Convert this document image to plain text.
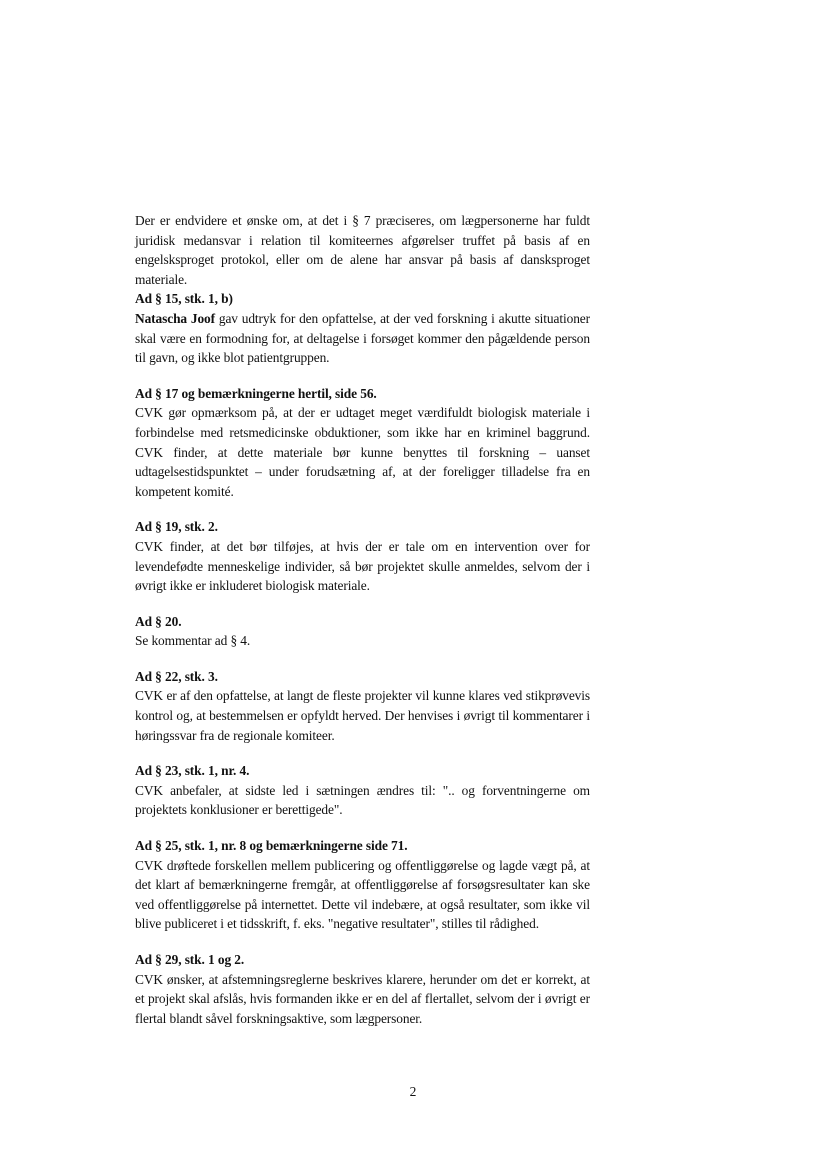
Der er endvidere et ønske om, at det i § 7 præciseres, om lægpersonerne har fuldt juridisk medansvar i relation til komiteernes afgørelser truffet på basis af en engelsksproget protokol, eller om de alene har ansvar på basis af dansksproget materiale.

Ad § 15, stk. 1, b)

Natascha Joof gav udtryk for den opfattelse, at der ved forskning i akutte situationer skal være en formodning for, at deltagelse i forsøget kommer den pågældende person til gavn, og ikke blot patientgruppen.

Ad § 17 og bemærkningerne hertil, side 56.

CVK gør opmærksom på, at der er udtaget meget værdifuldt biologisk materiale i forbindelse med retsmedicinske obduktioner, som ikke har en kriminel baggrund. CVK finder, at dette materiale bør kunne benyttes til forskning – uanset udtagelsestidspunktet – under forudsætning af, at der foreligger tilladelse fra en kompetent komité.

Ad § 19, stk. 2.

CVK finder, at det bør tilføjes, at hvis der er tale om en intervention over for levendefødte menneskelige individer, så bør projektet skulle anmeldes, selvom der i øvrigt ikke er inkluderet biologisk materiale.

Ad § 20.

Se kommentar ad § 4.

Ad § 22, stk. 3.

CVK er af den opfattelse, at langt de fleste projekter vil kunne klares ved stikprøvevis kontrol og, at bestemmelsen er opfyldt herved. Der henvises i øvrigt til kommentarer i høringssvar fra de regionale komiteer.

Ad § 23, stk. 1, nr. 4.

CVK anbefaler, at sidste led i sætningen ændres til: ".. og forventningerne om projektets konklusioner er berettigede".

Ad § 25, stk. 1, nr. 8 og bemærkningerne side 71.

CVK drøftede forskellen mellem publicering og offentliggørelse og lagde vægt på, at det klart af bemærkningerne fremgår, at offentliggørelse af forsøgsresultater kan ske ved offentliggørelse på internettet. Dette vil indebære, at også resultater, som ikke vil blive publiceret i et tidsskrift, f. eks. "negative resultater", stilles til rådighed.

Ad § 29, stk. 1 og 2.

CVK ønsker, at afstemningsreglerne beskrives klarere, herunder om det er korrekt, at et projekt skal afslås, hvis formanden ikke er en del af flertallet, selvom der i øvrigt er flertal blandt såvel forskningsaktive, som lægpersoner.

2
